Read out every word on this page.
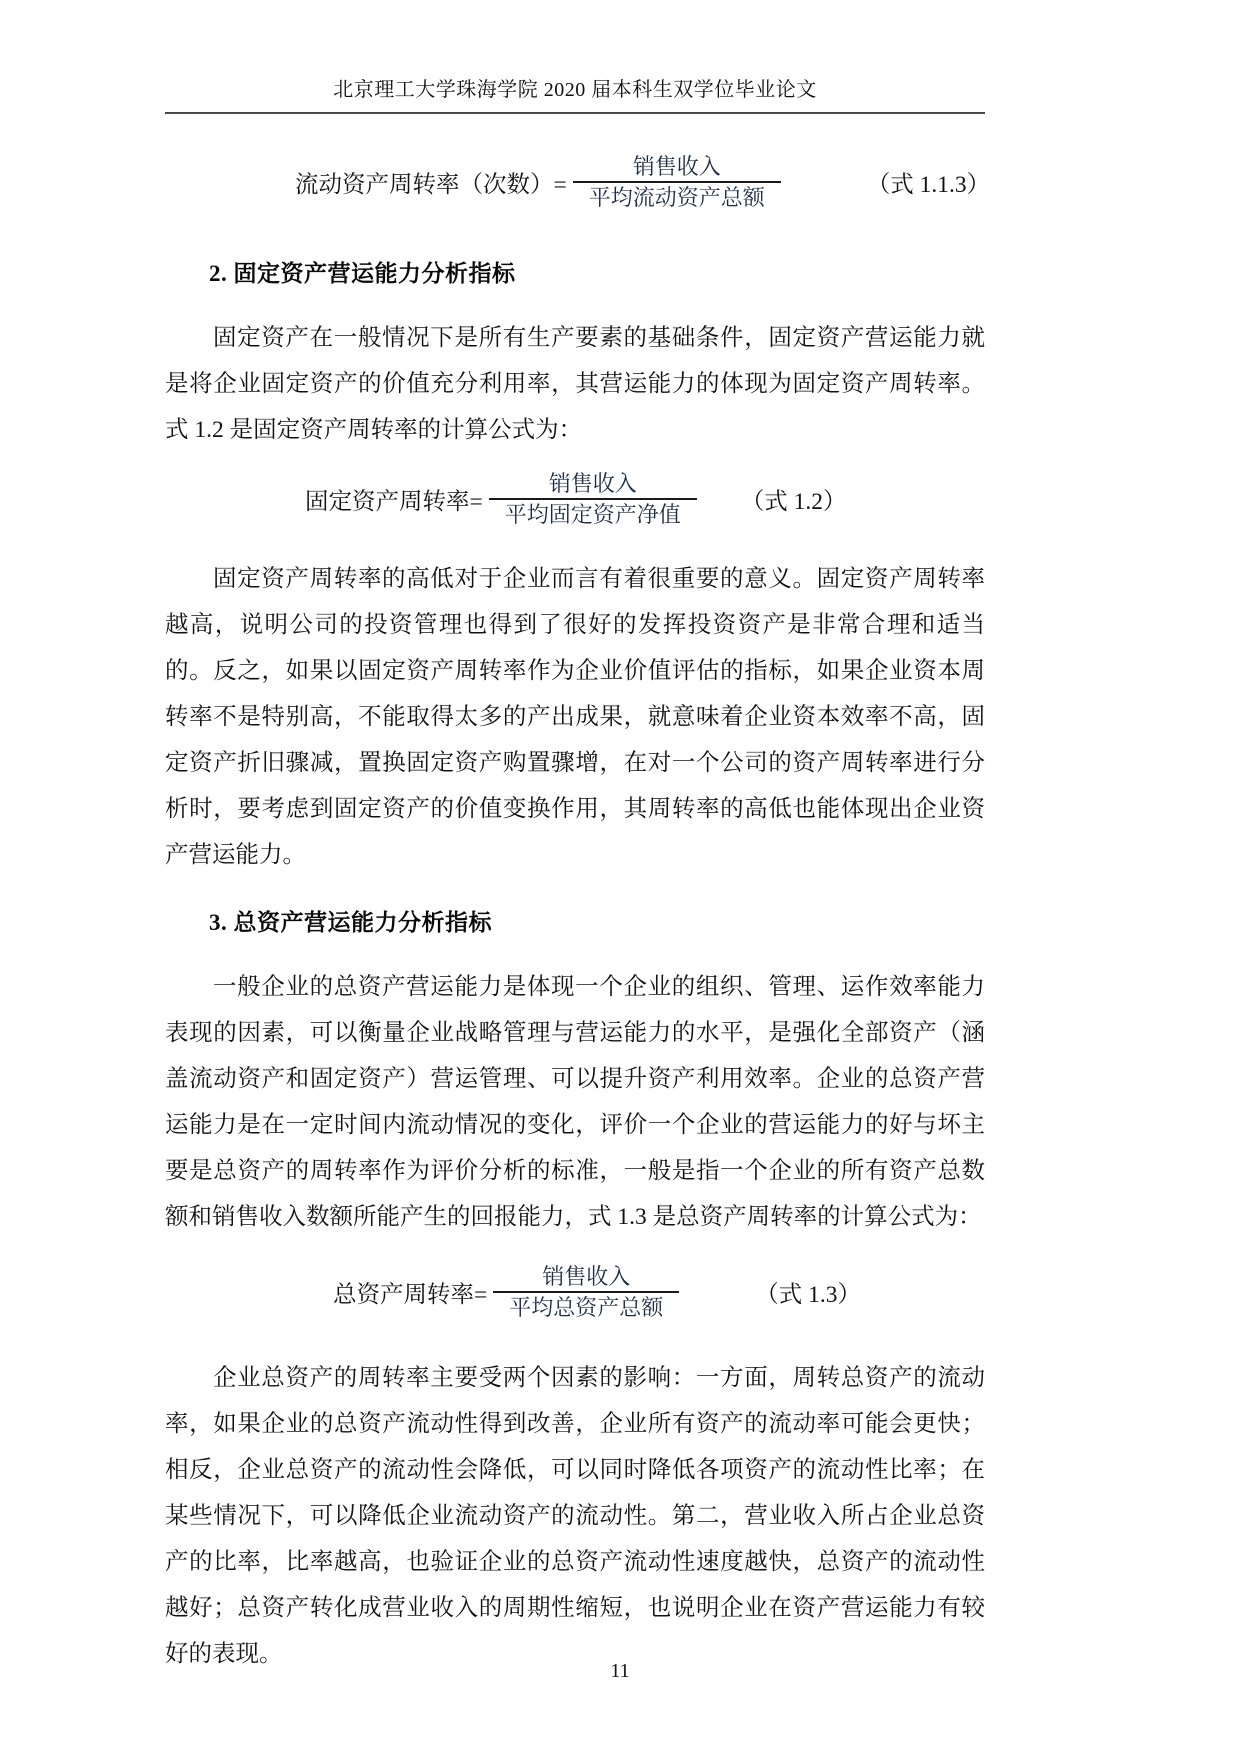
北京理工大学珠海学院 2020 届本科生双学位毕业论文
流动资产周转率（次数）= $\frac{\text{销售收入}}{\text{平均流动资产总额}}$	（式 1.1.3）
2. 固定资产营运能力分析指标

固定资产在一般情况下是所有生产要素的基础条件，固定资产营运能力就是将企业固定资产的价值充分利用率，其营运能力的体现为固定资产周转率。式 1.2 是固定资产周转率的计算公式为：

固定资产周转率= $\frac{\text{销售收入}}{\text{平均固定资产净值}}$ （式 1.2）

固定资产周转率的高低对于企业而言有着很重要的意义。固定资产周转率越高，说明公司的投资管理也得到了很好的发挥投资资产是非常合理和适当的。反之，如果以固定资产周转率作为企业价值评估的指标，如果企业资本周转率不是特别高，不能取得太多的产出成果，就意味着企业资本效率不高，固定资产折旧骤减，置换固定资产购置骤增，在对一个公司的资产周转率进行分析时，要考虑到固定资产的价值变换作用，其周转率的高低也能体现出企业资产营运能力。

3. 总资产营运能力分析指标

一般企业的总资产营运能力是体现一个企业的组织、管理、运作效率能力表现的因素，可以衡量企业战略管理与营运能力的水平，是强化全部资产（涵盖流动资产和固定资产）营运管理、可以提升资产利用效率。企业的总资产营运能力是在一定时间内流动情况的变化，评价一个企业的营运能力的好与坏主要是总资产的周转率作为评价分析的标准，一般是指一个企业的所有资产总数额和销售收入数额所能产生的回报能力，式 1.3 是总资产周转率的计算公式为：

总资产周转率= $\frac{\text{销售收入}}{\text{平均总资产总额}}$	（式 1.3）

企业总资产的周转率主要受两个因素的影响：一方面，周转总资产的流动率，如果企业的总资产流动性得到改善，企业所有资产的流动率可能会更快；相反，企业总资产的流动性会降低，可以同时降低各项资产的流动性比率；在某些情况下，可以降低企业流动资产的流动性。第二，营业收入所占企业总资产的比率，比率越高，也验证企业的总资产流动性速度越快，总资产的流动性越好；总资产转化成营业收入的周期性缩短，也说明企业在资产营运能力有较好的表现。

11
